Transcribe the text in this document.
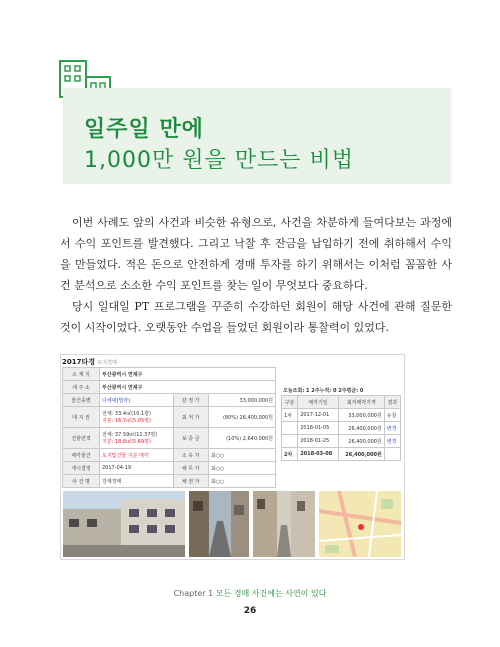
일주일 만에
1,000만 원을 만드는 비법

이번 사례도 앞의 사건과 비슷한 유형으로, 사건을 차분하게 들여다보는 과정에서 수익 포인트를 발견했다. 그리고 낙찰 후 잔금을 납입하기 전에 취하해서 수익을 만들었다. 적은 돈으로 안전하게 경매 투자를 하기 위해서는 이처럼 꼼꼼한 사건 분석으로 소소한 수익 포인트를 찾는 일이 무엇보다 중요하다.

당시 일대일 PT 프로그램을 꾸준히 수강하던 회원이 해당 사건에 관해 질문한 것이 시작이었다. 오랫동안 수업을 들었던 회원이라 통찰력이 있었다.

2017타경 토지경매
소 재 지	부산광역시 연제구		
새 주 소	부산광역시 연제구		
물건종별	다세대(빌라)	감 정 가	33,000,000원
대 지 권	전체: 33.4㎡(10.1평)
지분: 16.7㎡(5.05평)	최 저 가	(80%) 26,400,000원
건물면적	전체: 37.59㎡(11.37평)
지분: 18.8㎡(5.69평)	보 증 금	(10%) 2,640,000원
매각물건	토지및건물 지분 매각	소 유 자	최○○
개시결정	2017-04-19	채 무 자	최○○
사 건 명	강제경매	채 권 자	최○○
오늘조회: 1 2주누적: 0 2주평균: 0
구분	매각기일	최저매각가격	결과
1차	2017-12-01	33,000,000원	유찰
	2018-01-05	26,400,000원	변경
	2018-01-25	26,400,000원	변경
2차	2018-03-08	26,400,000원	
Chapter 1 모든 경매 사건에는 사연이 있다
26
